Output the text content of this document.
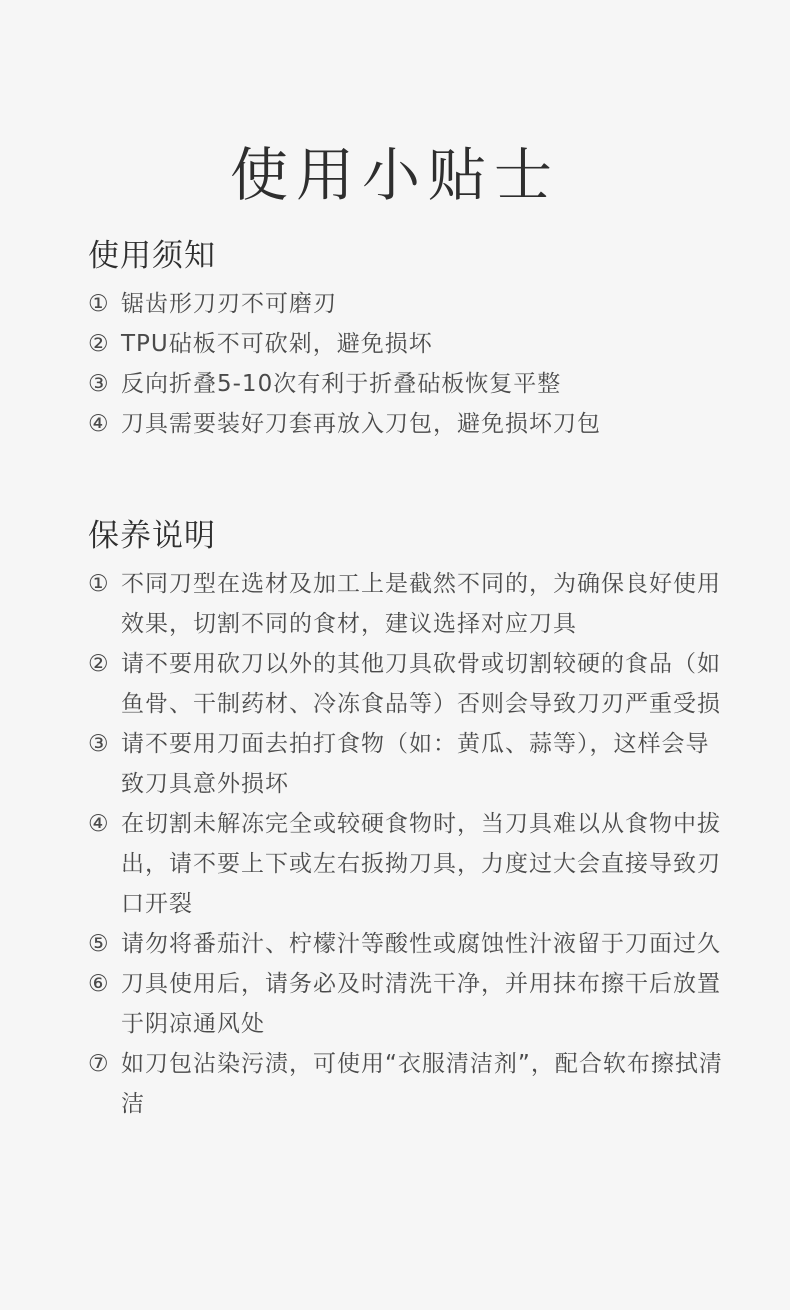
使用小贴士
使用须知
① 锯齿形刀刃不可磨刃
② TPU砧板不可砍剁，避免损坏
③ 反向折叠5-10次有利于折叠砧板恢复平整
④ 刀具需要装好刀套再放入刀包，避免损坏刀包
保养说明
① 不同刀型在选材及加工上是截然不同的，为确保良好使用效果，切割不同的食材，建议选择对应刀具
② 请不要用砍刀以外的其他刀具砍骨或切割较硬的食品（如鱼骨、干制药材、冷冻食品等）否则会导致刀刃严重受损
③ 请不要用刀面去拍打食物（如：黄瓜、蒜等），这样会导致刀具意外损坏
④ 在切割未解冻完全或较硬食物时，当刀具难以从食物中拔出，请不要上下或左右扳拗刀具，力度过大会直接导致刃口开裂
⑤ 请勿将番茄汁、柠檬汁等酸性或腐蚀性汁液留于刀面过久
⑥ 刀具使用后，请务必及时清洗干净，并用抹布擦干后放置于阴凉通风处
⑦ 如刀包沾染污渍，可使用“衣服清洁剂”，配合软布擦拭清洁
